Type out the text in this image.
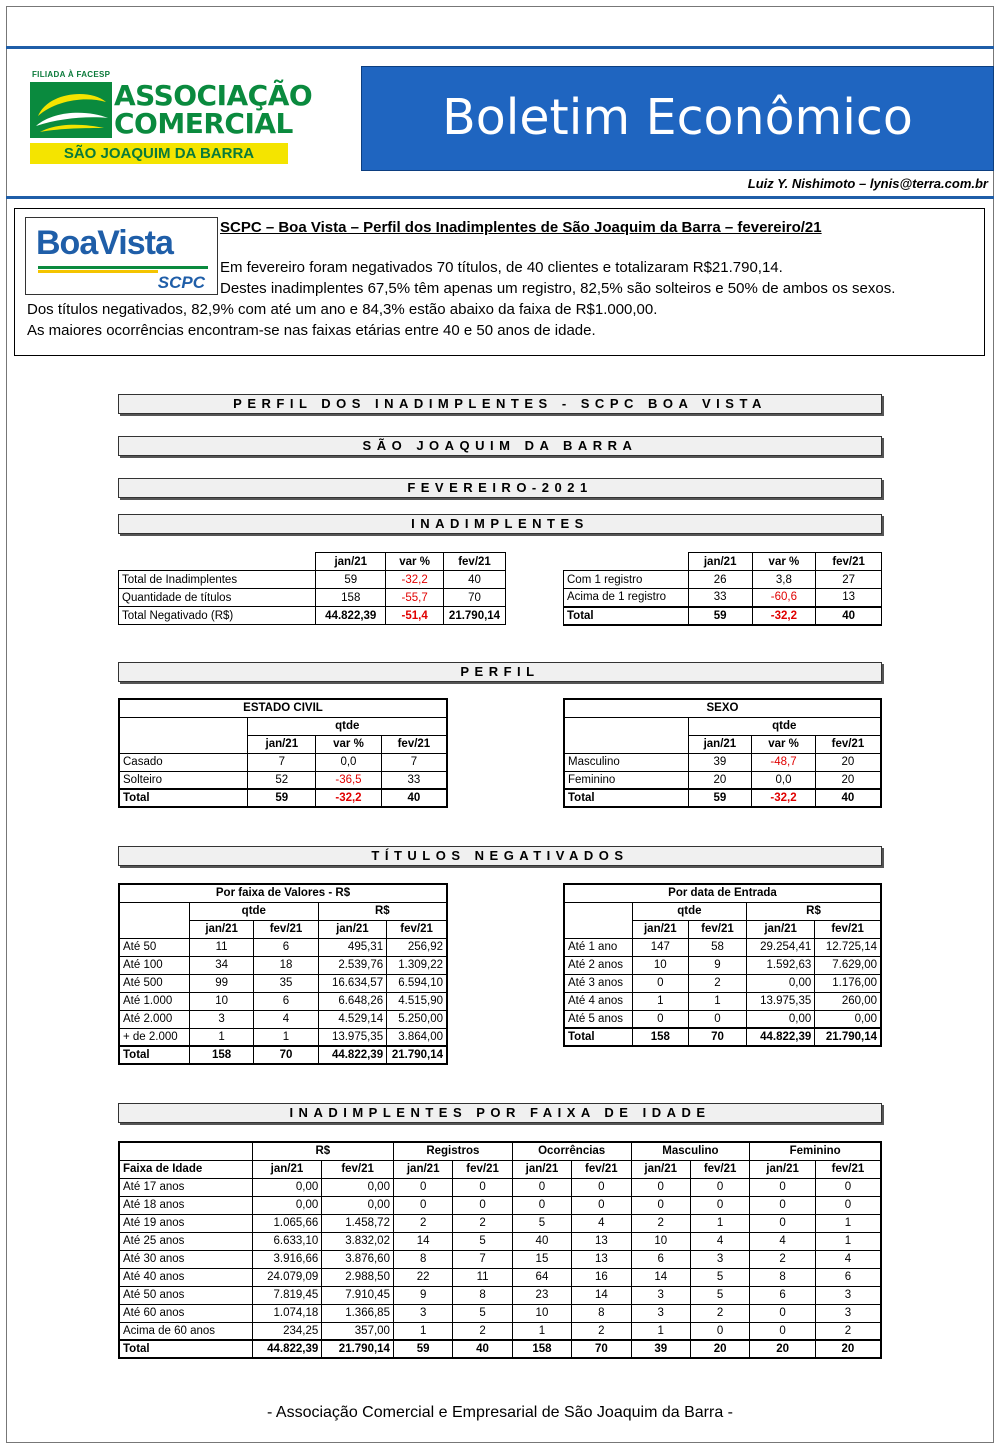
FILIADA À FACESP
ASSOCIAÇÃO
COMERCIAL
SÃO JOAQUIM DA BARRA
Boletim Econômico
Luiz Y. Nishimoto – lynis@terra.com.br
BoaVista
SCPC
SCPC – Boa Vista – Perfil dos Inadimplentes de São Joaquim da Barra – fevereiro/21
Em fevereiro foram negativados 70 títulos, de 40 clientes e totalizaram R$21.790,14.
Destes inadimplentes 67,5% têm apenas um registro, 82,5% são solteiros e 50% de ambos os sexos.
Dos títulos negativados, 82,9% com até um ano e 84,3% estão abaixo da faixa de R$1.000,00.
As maiores ocorrências encontram-se nas faixas etárias entre 40 e 50 anos de idade.
PERFIL DOS INADIMPLENTES - SCPC BOA VISTA
SÃO JOAQUIM DA BARRA
FEVEREIRO-2021
INADIMPLENTES
	jan/21	var %	fev/21
Total de Inadimplentes	59	-32,2	40
Quantidade de títulos	158	-55,7	70
Total Negativado (R$)	44.822,39	-51,4	21.790,14
	jan/21	var %	fev/21
Com 1 registro	26	3,8	27
Acima de 1 registro	33	-60,6	13
Total	59	-32,2	40
PERFIL
ESTADO CIVIL			
	qtde		
	jan/21	var %	fev/21
Casado	7	0,0	7
Solteiro	52	-36,5	33
Total	59	-32,2	40
SEXO			
	qtde		
	jan/21	var %	fev/21
Masculino	39	-48,7	20
Feminino	20	0,0	20
Total	59	-32,2	40
TÍTULOS NEGATIVADOS
Por faixa de Valores - R$				
	qtde		R$	
	jan/21	fev/21	jan/21	fev/21
Até 50	11	6	495,31	256,92
Até 100	34	18	2.539,76	1.309,22
Até 500	99	35	16.634,57	6.594,10
Até 1.000	10	6	6.648,26	4.515,90
Até 2.000	3	4	4.529,14	5.250,00
+ de 2.000	1	1	13.975,35	3.864,00
Total	158	70	44.822,39	21.790,14
Por data de Entrada				
	qtde		R$	
	jan/21	fev/21	jan/21	fev/21
Até 1 ano	147	58	29.254,41	12.725,14
Até 2 anos	10	9	1.592,63	7.629,00
Até 3 anos	0	2	0,00	1.176,00
Até 4 anos	1	1	13.975,35	260,00
Até 5 anos	0	0	0,00	0,00
Total	158	70	44.822,39	21.790,14
INADIMPLENTES POR FAIXA DE IDADE
	R$		Registros		Ocorrências		Masculino		Feminino	
Faixa de Idade	jan/21	fev/21	jan/21	fev/21	jan/21	fev/21	jan/21	fev/21	jan/21	fev/21
Até 17 anos	0,00	0,00	0	0	0	0	0	0	0	0
Até 18 anos	0,00	0,00	0	0	0	0	0	0	0	0
Até 19 anos	1.065,66	1.458,72	2	2	5	4	2	1	0	1
Até 25 anos	6.633,10	3.832,02	14	5	40	13	10	4	4	1
Até 30 anos	3.916,66	3.876,60	8	7	15	13	6	3	2	4
Até 40 anos	24.079,09	2.988,50	22	11	64	16	14	5	8	6
Até 50 anos	7.819,45	7.910,45	9	8	23	14	3	5	6	3
Até 60 anos	1.074,18	1.366,85	3	5	10	8	3	2	0	3
Acima de 60 anos	234,25	357,00	1	2	1	2	1	0	0	2
Total	44.822,39	21.790,14	59	40	158	70	39	20	20	20
- Associação Comercial e Empresarial de São Joaquim da Barra -
